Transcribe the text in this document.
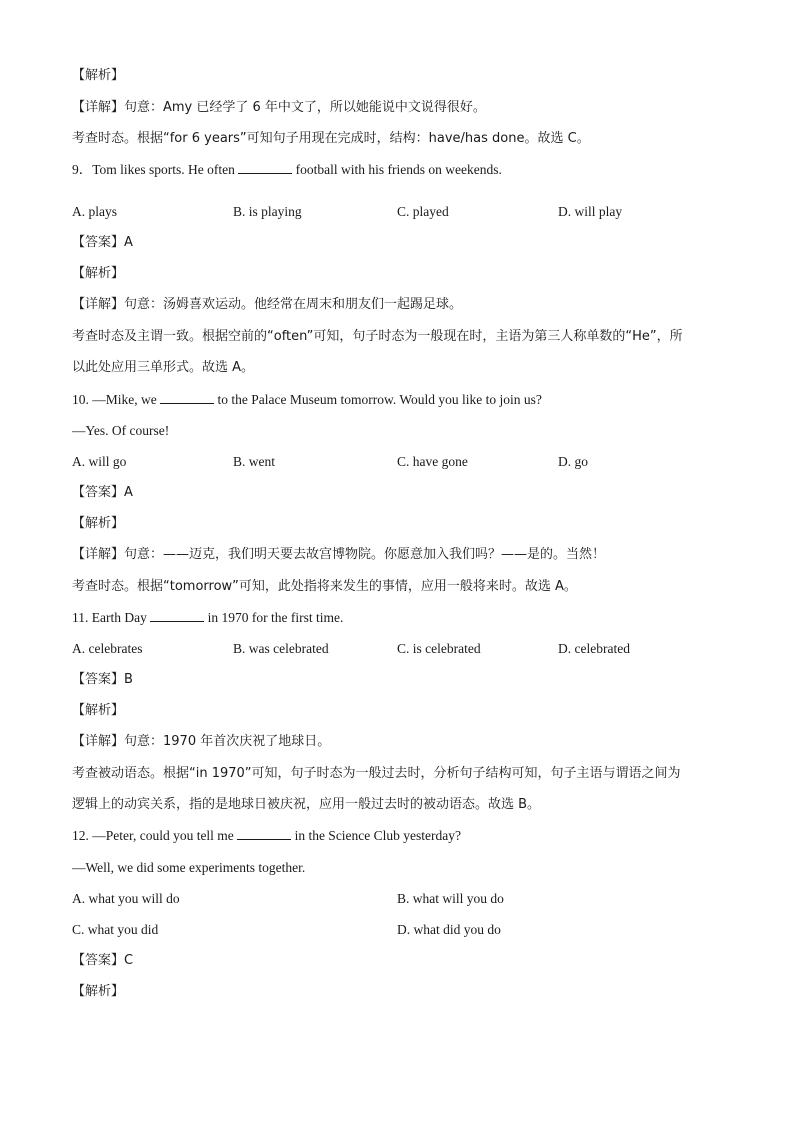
【解析】
【详解】句意：Amy 已经学了 6 年中文了，所以她能说中文说得很好。
考查时态。根据“for 6 years”可知句子用现在完成时，结构：have/has done。故选 C。
9．Tom likes sports. He often	football with his friends on weekends.
A. plays	B. is playing	C. played	D. will play
【答案】A
【解析】
【详解】句意：汤姆喜欢运动。他经常在周末和朋友们一起踢足球。
考查时态及主谓一致。根据空前的“often”可知，句子时态为一般现在时，主语为第三人称单数的“He”，所
以此处应用三单形式。故选 A。
10. —Mike, we	to the Palace Museum tomorrow. Would you like to join us?
—Yes. Of course!
A. will go	B. went	C. have gone	D. go
【答案】A
【解析】
【详解】句意：——迈克，我们明天要去故宫博物院。你愿意加入我们吗？——是的。当然！
考查时态。根据“tomorrow”可知，此处指将来发生的事情，应用一般将来时。故选 A。
11. Earth Day	in 1970 for the first time.
A. celebrates	B. was celebrated	C. is celebrated	D. celebrated
【答案】B
【解析】
【详解】句意：1970 年首次庆祝了地球日。
考查被动语态。根据“in 1970”可知，句子时态为一般过去时，分析句子结构可知，句子主语与谓语之间为
逻辑上的动宾关系，指的是地球日被庆祝，应用一般过去时的被动语态。故选 B。
12. —Peter, could you tell me	in the Science Club yesterday?
—Well, we did some experiments together.
A. what you will do	B. what will you do
C. what you did	D. what did you do
【答案】C
【解析】
